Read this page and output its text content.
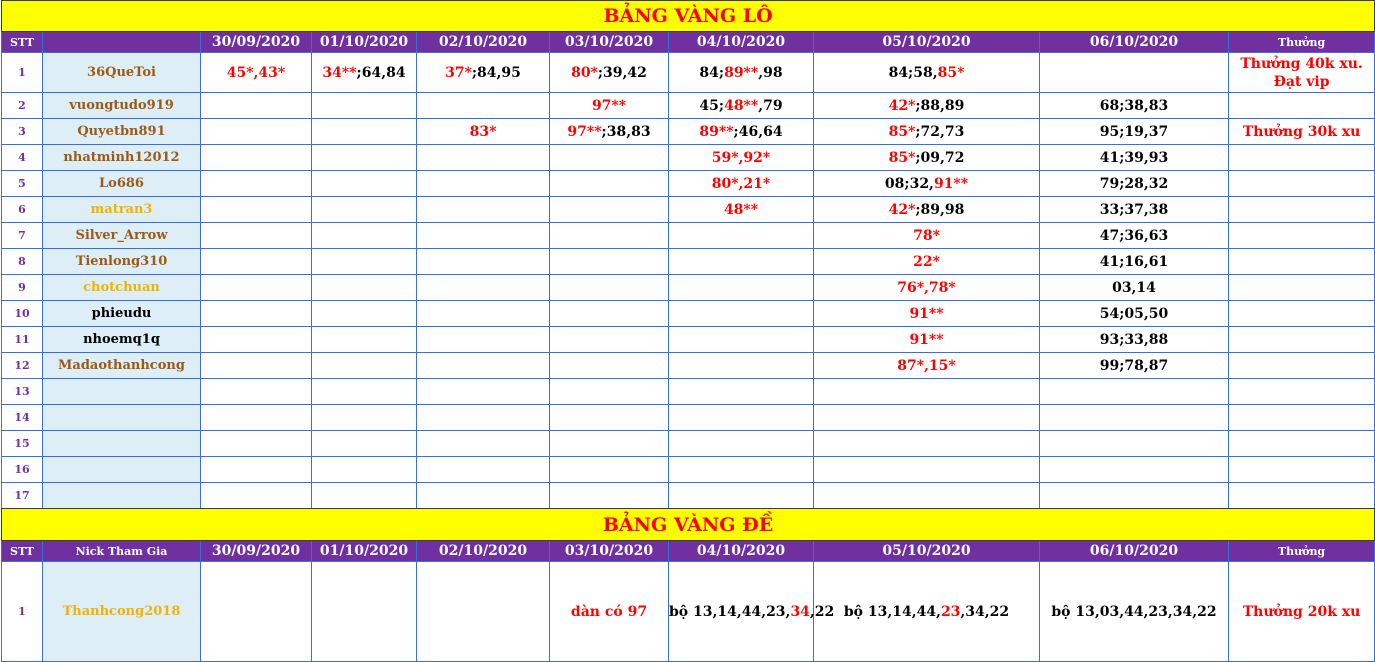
BẢNG VÀNG LÔ									
STT		30/09/2020	01/10/2020	02/10/2020	03/10/2020	04/10/2020	05/10/2020	06/10/2020	Thưởng
1	36QueToi	45*,43*	34**;64,84	37*;84,95	80*;39,42	84;89**,98	84;58,85*		Thưởng 40k xu. Đạt vip
2	vuongtudo919				97**	45;48**,79	42*;88,89	68;38,83	
3	Quyetbn891			83*	97**;38,83	89**;46,64	85*;72,73	95;19,37	Thưởng 30k xu
4	nhatminh12012					59*,92*	85*;09,72	41;39,93	
5	Lo686					80*,21*	08;32,91**	79;28,32	
6	matran3					48**	42*;89,98	33;37,38	
7	Silver_Arrow						78*	47;36,63	
8	Tienlong310						22*	41;16,61	
9	chotchuan						76*,78*	03,14	
10	phieudu						91**	54;05,50	
11	nhoemq1q						91**	93;33,88	
12	Madaothanhcong						87*,15*	99;78,87	
13									
14									
15									
16									
17									
BẢNG VÀNG ĐỀ									
STT	Nick Tham Gia	30/09/2020	01/10/2020	02/10/2020	03/10/2020	04/10/2020	05/10/2020	06/10/2020	Thưởng
1	Thanhcong2018				dàn có 97	bộ 13,14,44,23,34,22	bộ 13,14,44,23,34,22	bộ 13,03,44,23,34,22	Thưởng 20k xu
